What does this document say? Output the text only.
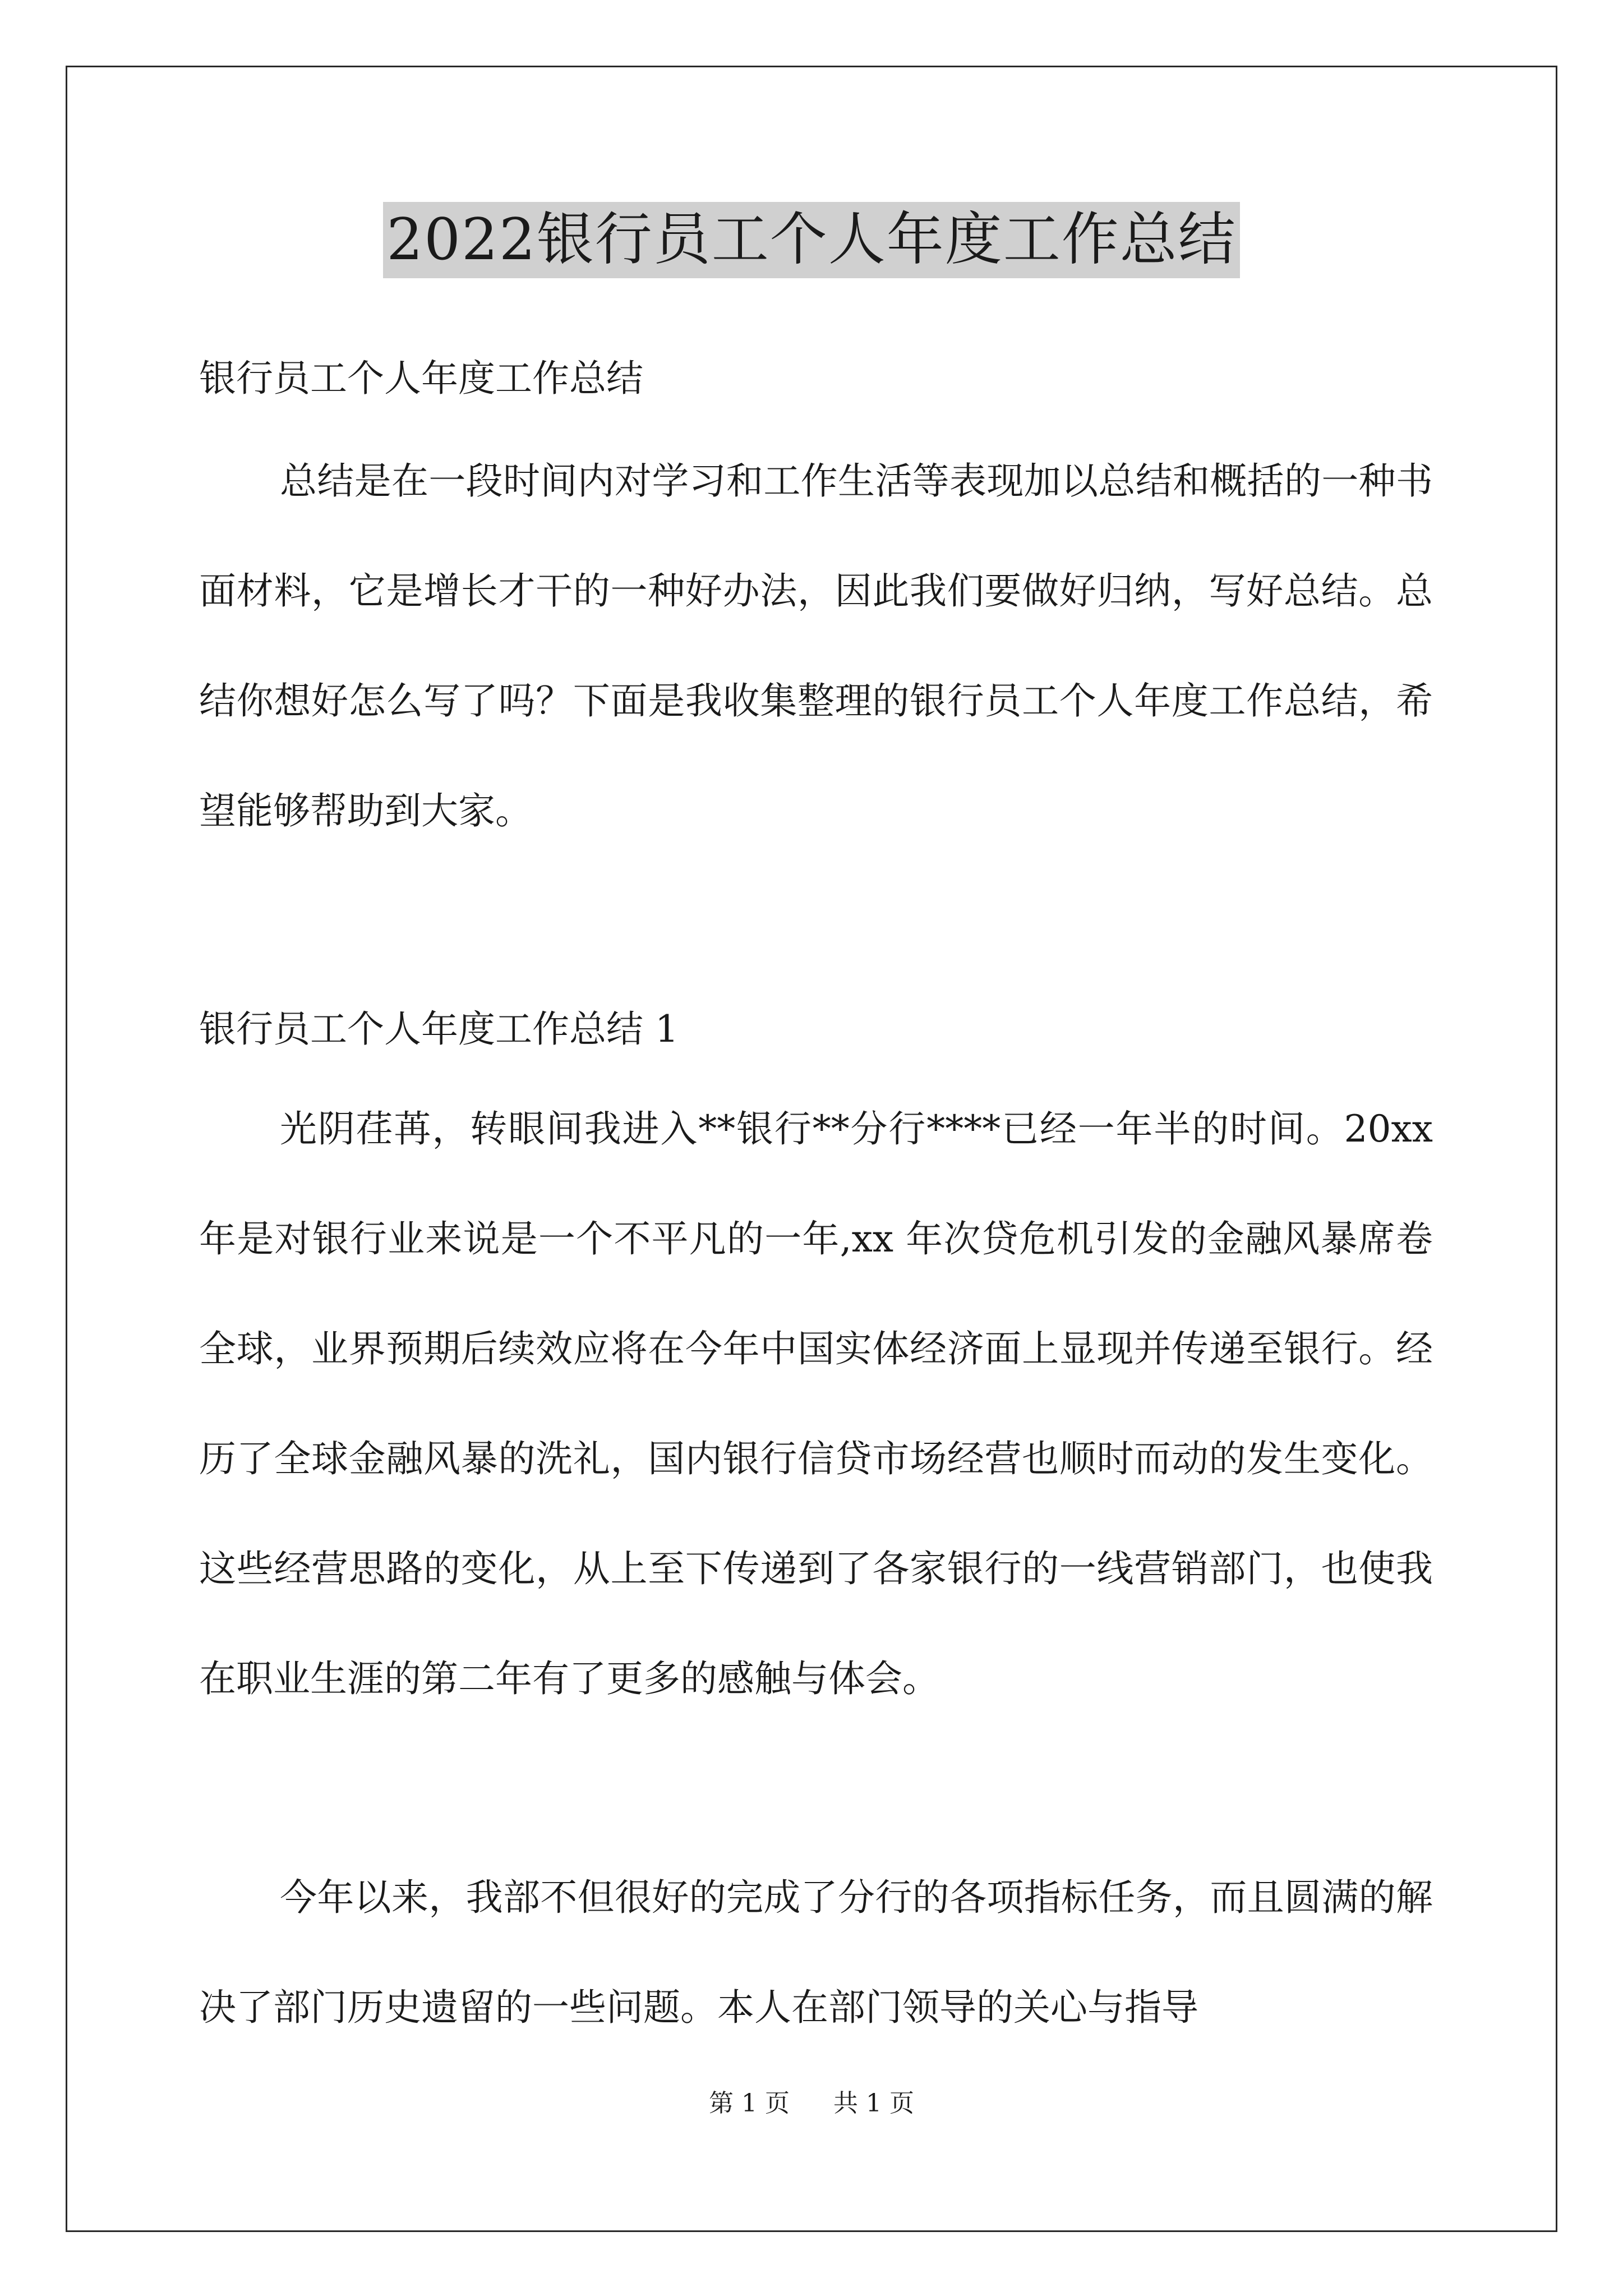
2022银行员工个人年度工作总结

银行员工个人年度工作总结

总结是在一段时间内对学习和工作生活等表现加以总结和概括的一种书面材料，它是增长才干的一种好办法，因此我们要做好归纳，写好总结。总结你想好怎么写了吗？下面是我收集整理的银行员工个人年度工作总结，希望能够帮助到大家。

银行员工个人年度工作总结 1

光阴荏苒，转眼间我进入**银行**分行****已经一年半的时间。20xx 年是对银行业来说是一个不平凡的一年,xx 年次贷危机引发的金融风暴席卷全球，业界预期后续效应将在今年中国实体经济面上显现并传递至银行。经历了全球金融风暴的洗礼，国内银行信贷市场经营也顺时而动的发生变化。这些经营思路的变化，从上至下传递到了各家银行的一线营销部门，也使我在职业生涯的第二年有了更多的感触与体会。

今年以来，我部不但很好的完成了分行的各项指标任务，而且圆满的解决了部门历史遗留的一些问题。本人在部门领导的关心与指导

第 1 页 共 1 页
